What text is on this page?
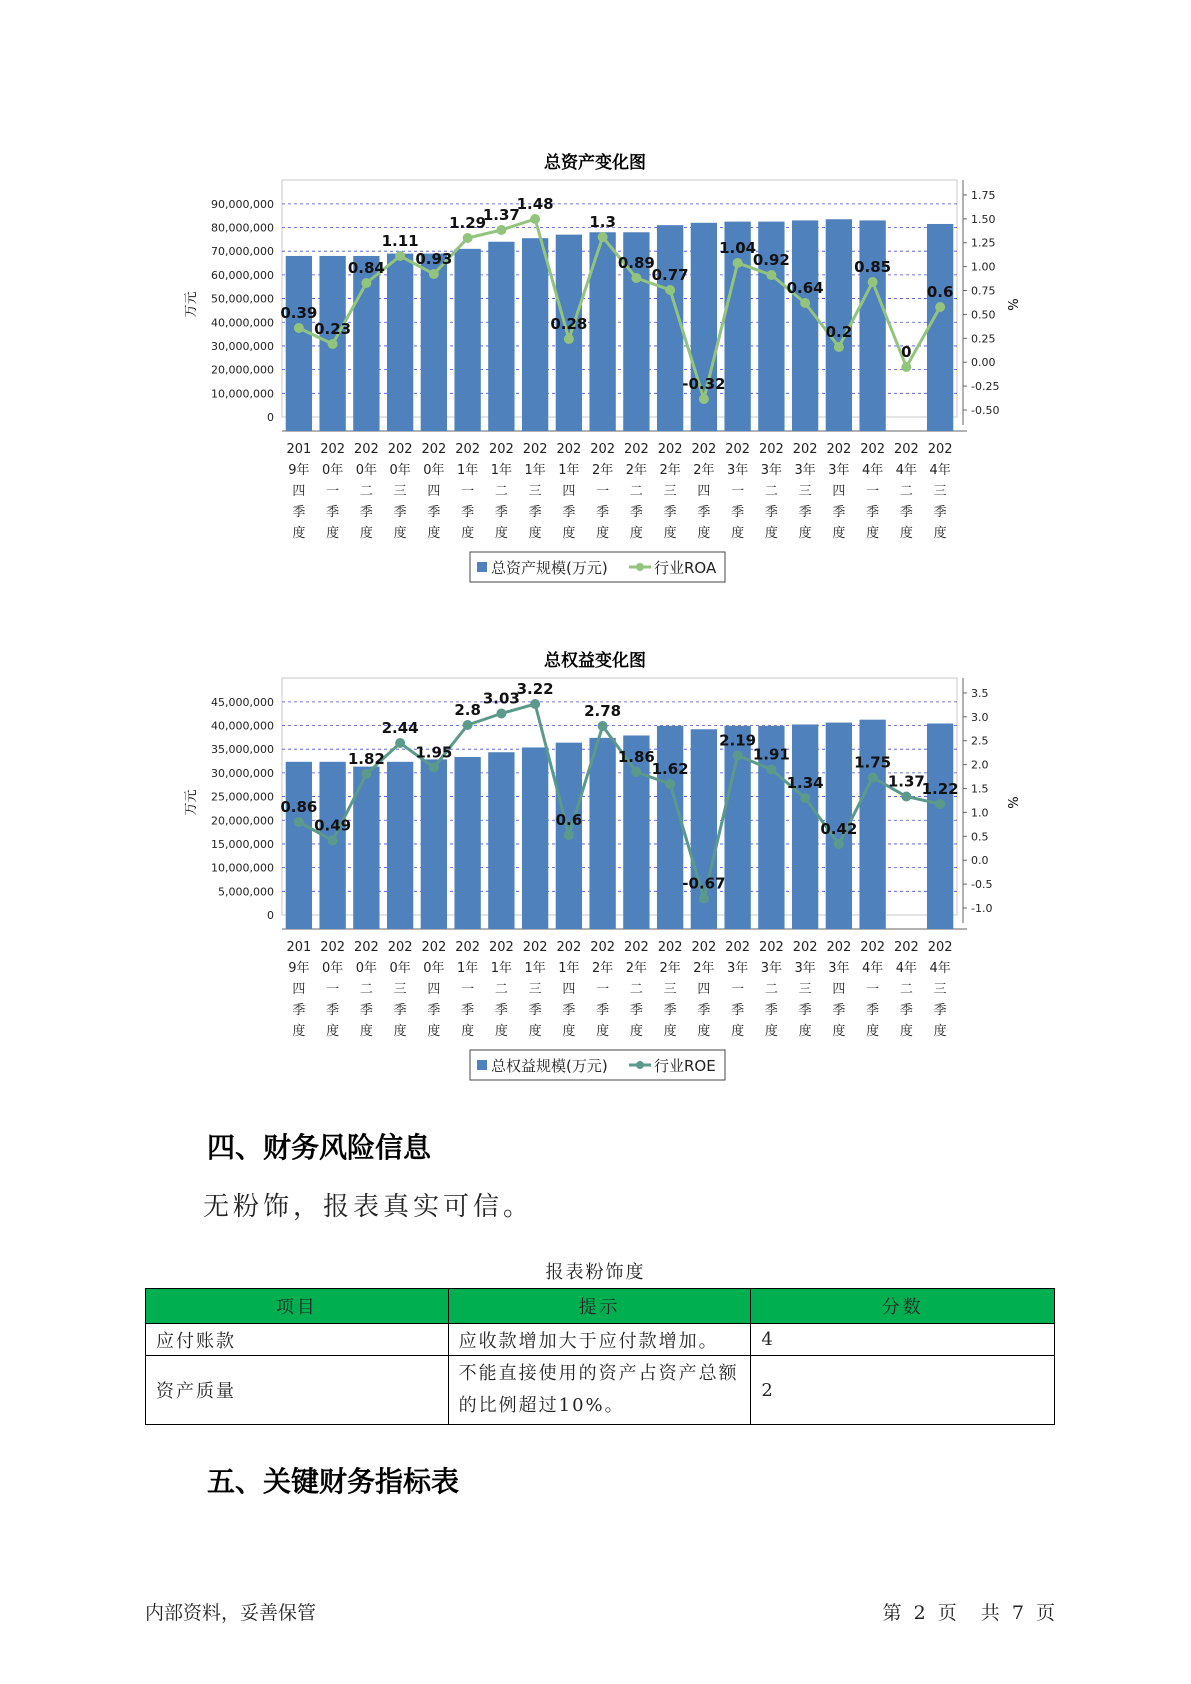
总资产变化图
0
10,000,000
20,000,000
30,000,000
40,000,000
50,000,000
60,000,000
70,000,000
80,000,000
90,000,000
-0.50
-0.25
0.00
0.25
0.50
0.75
1.00
1.25
1.50
1.75
万元	%
0.39
0.23
0.84
1.11
0.93
1.29
1.37
1.48
0.28
1.3
0.89
0.77
-0.32
1.04
0.92
0.64
0.2
0.85
0
0.6
201 202 202 202 202 202 202 202 202 202 202 202 202 202 202 202 202 202 202 202
9年 0年 0年 0年 0年 1年 1年 1年 1年 2年 2年 2年 2年 3年 3年 3年 3年 4年 4年 4年
四 一 二 三 四 一 二 三 四 一 二 三 四 一 二 三 四 一 二 三
季 季 季 季 季 季 季 季 季 季 季 季 季 季 季 季 季 季 季 季
度 度 度 度 度 度 度 度 度 度 度 度 度 度 度 度 度 度 度 度
总资产规模(万元)	行业ROA
总权益变化图
0
5,000,000
10,000,000
15,000,000
20,000,000
25,000,000
30,000,000
35,000,000
40,000,000
45,000,000
-1.0
-0.5
0.0
0.5
1.0
1.5
2.0
2.5
3.0
3.5
万元	%
0.86
0.49
1.82
2.44
1.95
2.8
3.03
3.22
0.6
2.78
1.86
1.62
-0.67
2.19
1.91
1.34
0.42
1.75
1.37
1.22
201 202 202 202 202 202 202 202 202 202 202 202 202 202 202 202 202 202 202 202
9年 0年 0年 0年 0年 1年 1年 1年 1年 2年 2年 2年 2年 3年 3年 3年 3年 4年 4年 4年
四 一 二 三 四 一 二 三 四 一 二 三 四 一 二 三 四 一 二 三
季 季 季 季 季 季 季 季 季 季 季 季 季 季 季 季 季 季 季 季
度 度 度 度 度 度 度 度 度 度 度 度 度 度 度 度 度 度 度 度
总权益规模(万元)	行业ROE
四、财务风险信息

无粉饰，报表真实可信。

报表粉饰度
项目	提示	分数
应付账款	应收款增加大于应付款增加。	4
资产质量	不能直接使用的资产占资产总额的比例超过10%。	2
五、关键财务指标表
内部资料，妥善保管	第 2 页 共 7 页
